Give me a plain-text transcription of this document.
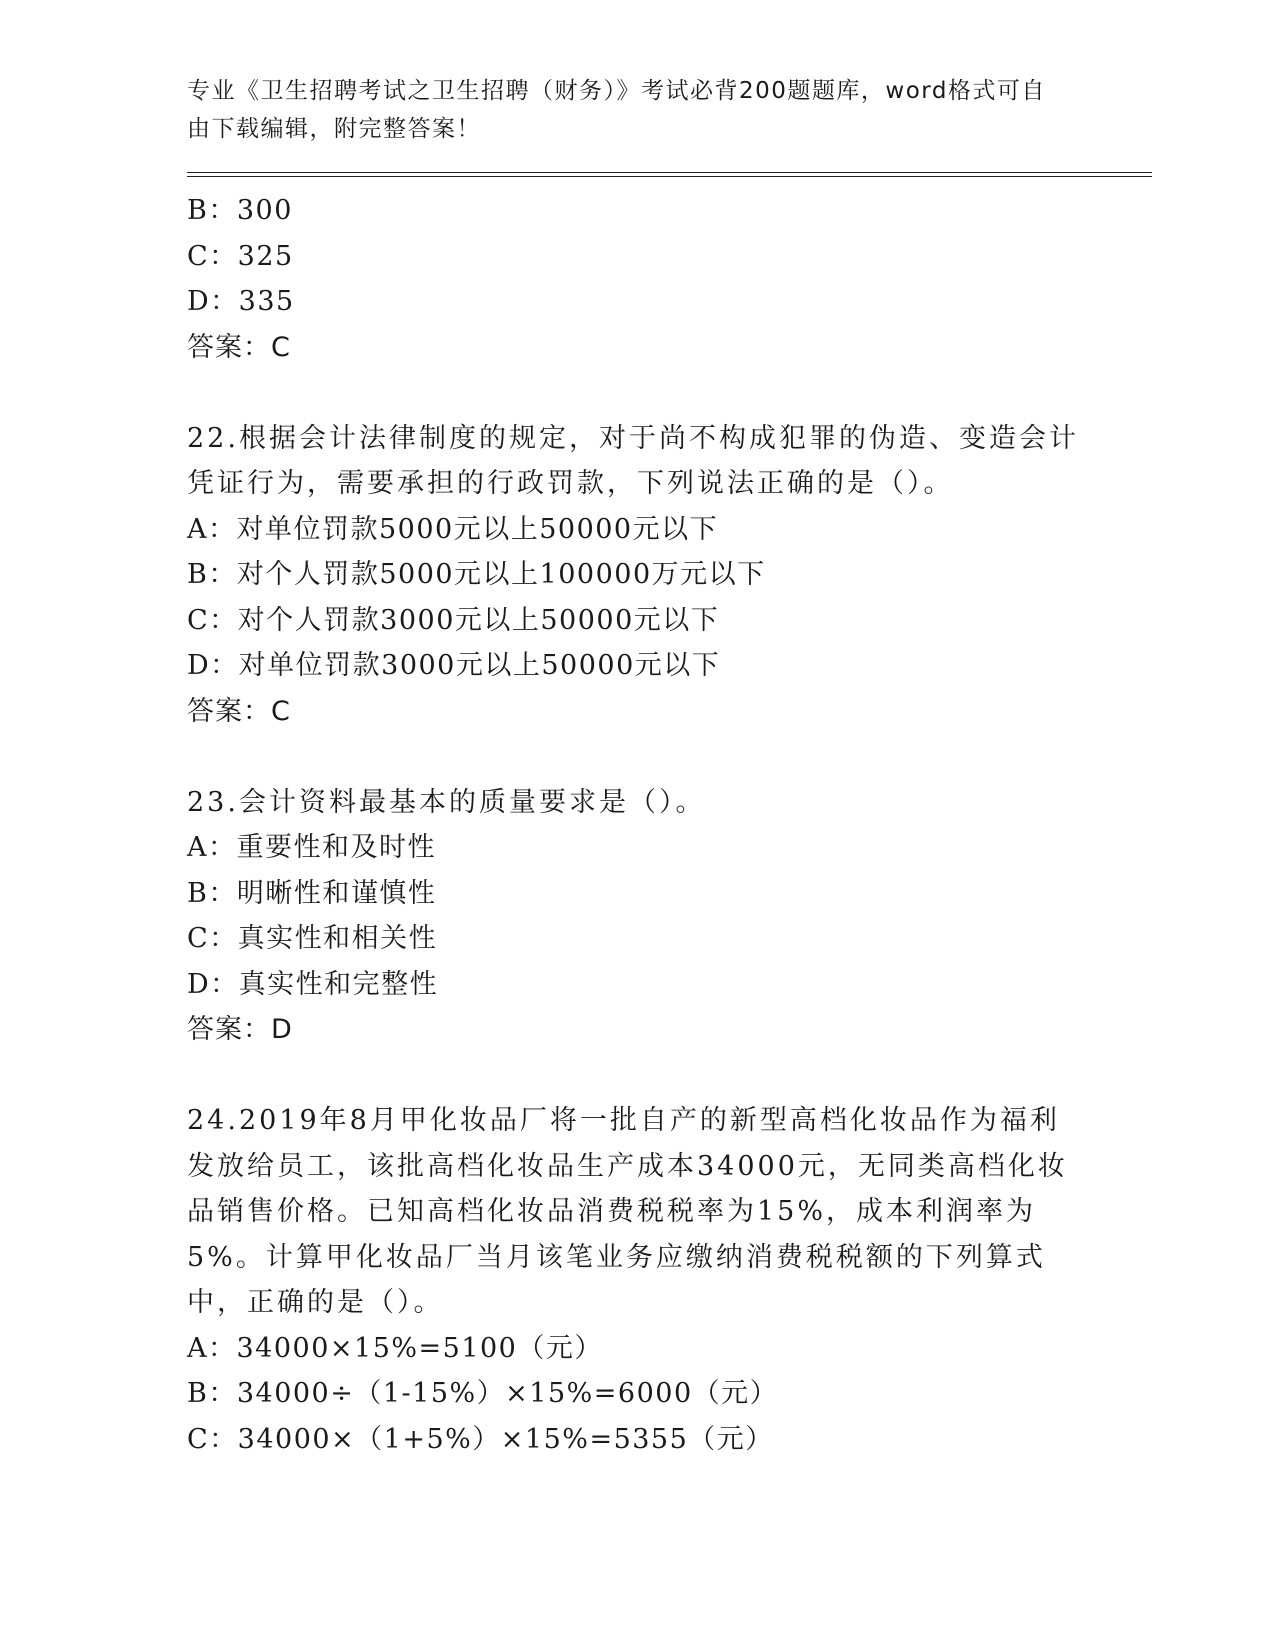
专业《卫生招聘考试之卫生招聘（财务）》考试必背200题题库，word格式可自
由下载编辑，附完整答案！
B：300
C：325
D：335
答案：C
22.根据会计法律制度的规定，对于尚不构成犯罪的伪造、变造会计凭证行为，需要承担的行政罚款，下列说法正确的是（）。
A：对单位罚款5000元以上50000元以下
B：对个人罚款5000元以上100000万元以下
C：对个人罚款3000元以上50000元以下
D：对单位罚款3000元以上50000元以下
答案：C
23.会计资料最基本的质量要求是（）。
A：重要性和及时性
B：明晰性和谨慎性
C：真实性和相关性
D：真实性和完整性
答案：D
24.2019年8月甲化妆品厂将一批自产的新型高档化妆品作为福利发放给员工，该批高档化妆品生产成本34000元，无同类高档化妆品销售价格。已知高档化妆品消费税税率为15%，成本利润率为5%。计算甲化妆品厂当月该笔业务应缴纳消费税税额的下列算式中，正确的是（）。
A：34000×15%=5100（元）
B：34000÷（1-15%）×15%=6000（元）
C：34000×（1+5%）×15%=5355（元）
